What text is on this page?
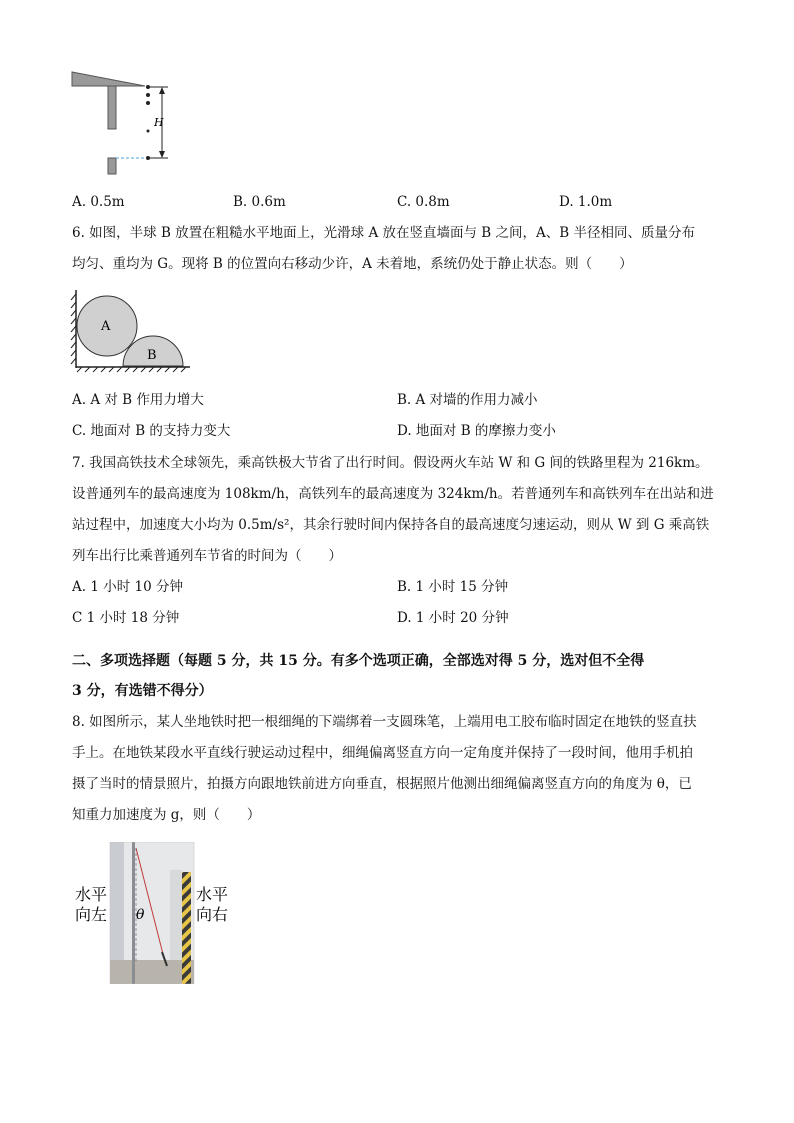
H
A. 0.5m	B. 0.6m	C. 0.8m	D. 1.0m
6. 如图，半球 B 放置在粗糙水平地面上，光滑球 A 放在竖直墙面与 B 之间，A、B 半径相同、质量分布
均匀、重均为 G。现将 B 的位置向右移动少许，A 未着地，系统仍处于静止状态。则（　　）
A
B
A. A 对 B 作用力增大	B. A 对墙的作用力减小
C. 地面对 B 的支持力变大	D. 地面对 B 的摩擦力变小
7. 我国高铁技术全球领先，乘高铁极大节省了出行时间。假设两火车站 W 和 G 间的铁路里程为 216km。
设普通列车的最高速度为 108km/h，高铁列车的最高速度为 324km/h。若普通列车和高铁列车在出站和进
站过程中，加速度大小均为 0.5m/s²，其余行驶时间内保持各自的最高速度匀速运动，则从 W 到 G 乘高铁
列车出行比乘普通列车节省的时间为（　　）
A. 1 小时 10 分钟	B. 1 小时 15 分钟
C 1 小时 18 分钟	D. 1 小时 20 分钟
二、多项选择题（每题 5 分，共 15 分。有多个选项正确，全部选对得 5 分，选对但不全得
3 分，有选错不得分）
8. 如图所示，某人坐地铁时把一根细绳的下端绑着一支圆珠笔，上端用电工胶布临时固定在地铁的竖直扶
手上。在地铁某段水平直线行驶运动过程中，细绳偏离竖直方向一定角度并保持了一段时间，他用手机拍
摄了当时的情景照片，拍摄方向跟地铁前进方向垂直，根据照片他测出细绳偏离竖直方向的角度为 θ，已
知重力加速度为 g，则（　　）
水平
向左
水平
向右
θ
